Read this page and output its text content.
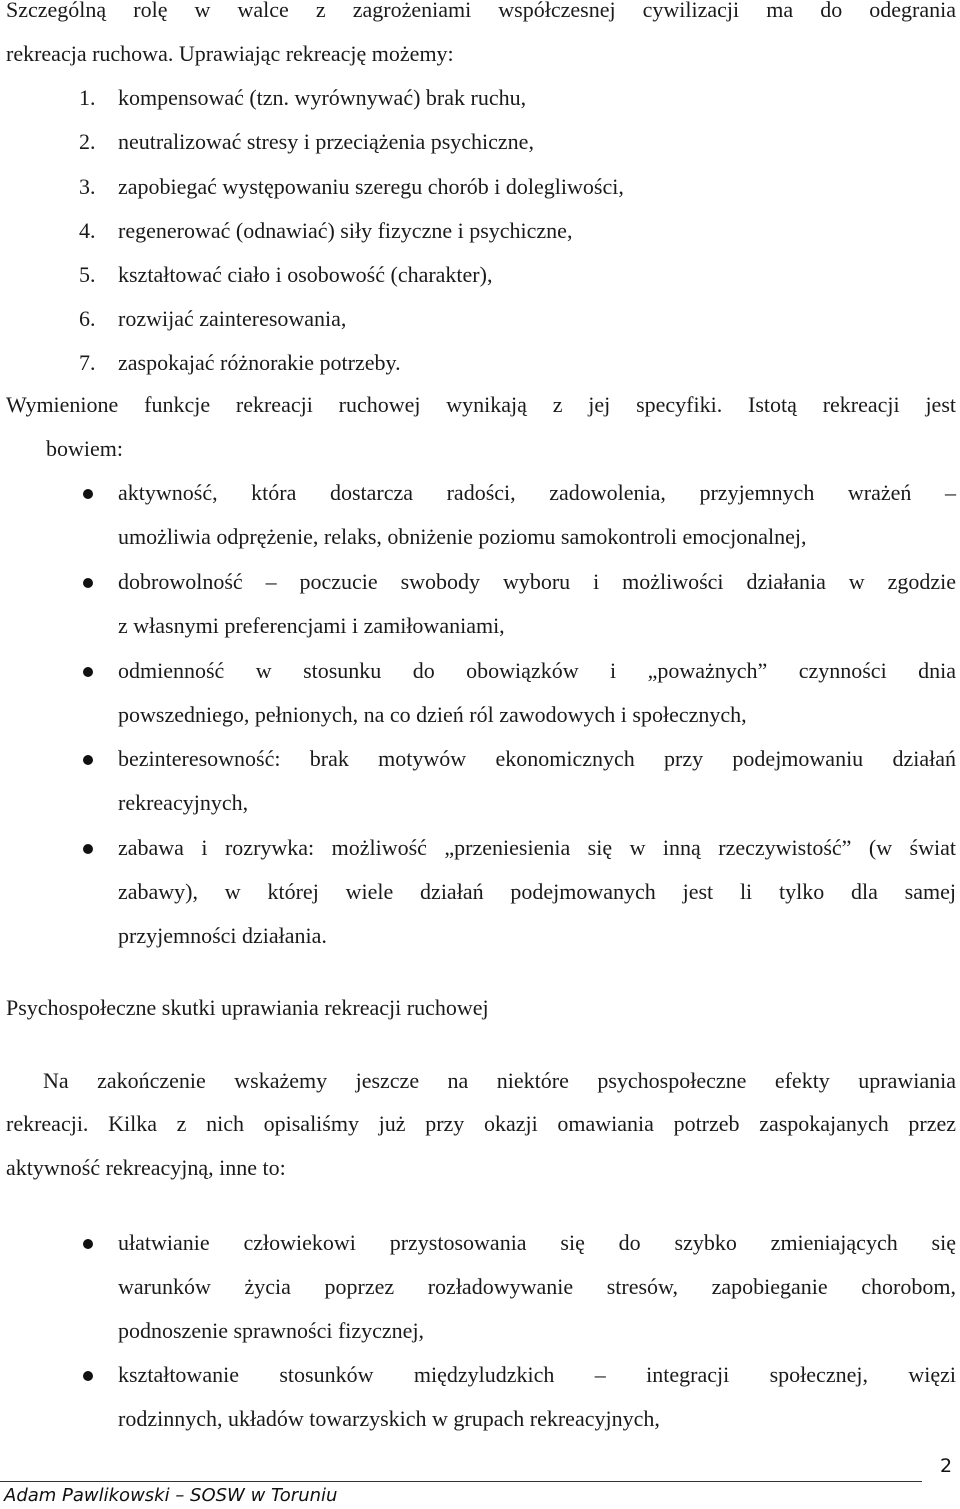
Szczególną rolę w walce z zagrożeniami współczesnej cywilizacji ma do odegrania
rekreacja ruchowa. Uprawiając rekreację możemy:
1. kompensować (tzn. wyrównywać) brak ruchu,
2. neutralizować stresy i przeciążenia psychiczne,
3. zapobiegać występowaniu szeregu chorób i dolegliwości,
4. regenerować (odnawiać) siły fizyczne i psychiczne,
5. kształtować ciało i osobowość (charakter),
6. rozwijać zainteresowania,
7. zaspokajać różnorakie potrzeby.
Wymienione funkcje rekreacji ruchowej wynikają z jej specyfiki. Istotą rekreacji jest
bowiem:
aktywność, która dostarcza radości, zadowolenia, przyjemnych wrażeń –
umożliwia odprężenie, relaks, obniżenie poziomu samokontroli emocjonalnej,
dobrowolność – poczucie swobody wyboru i możliwości działania w zgodzie
z własnymi preferencjami i zamiłowaniami,
odmienność w stosunku do obowiązków i „poważnych” czynności dnia
powszedniego, pełnionych, na co dzień ról zawodowych i społecznych,
bezinteresowność: brak motywów ekonomicznych przy podejmowaniu działań
rekreacyjnych,
zabawa i rozrywka: możliwość „przeniesienia się w inną rzeczywistość” (w świat
zabawy), w której wiele działań podejmowanych jest li tylko dla samej
przyjemności działania.
Psychospołeczne skutki uprawiania rekreacji ruchowej
Na zakończenie wskażemy jeszcze na niektóre psychospołeczne efekty uprawiania
rekreacji. Kilka z nich opisaliśmy już przy okazji omawiania potrzeb zaspokajanych przez
aktywność rekreacyjną, inne to:
ułatwianie człowiekowi przystosowania się do szybko zmieniających się
warunków życia poprzez rozładowywanie stresów, zapobieganie chorobom,
podnoszenie sprawności fizycznej,
kształtowanie stosunków międzyludzkich – integracji społecznej, więzi
rodzinnych, układów towarzyskich w grupach rekreacyjnych,
2
Adam Pawlikowski – SOSW w Toruniu
